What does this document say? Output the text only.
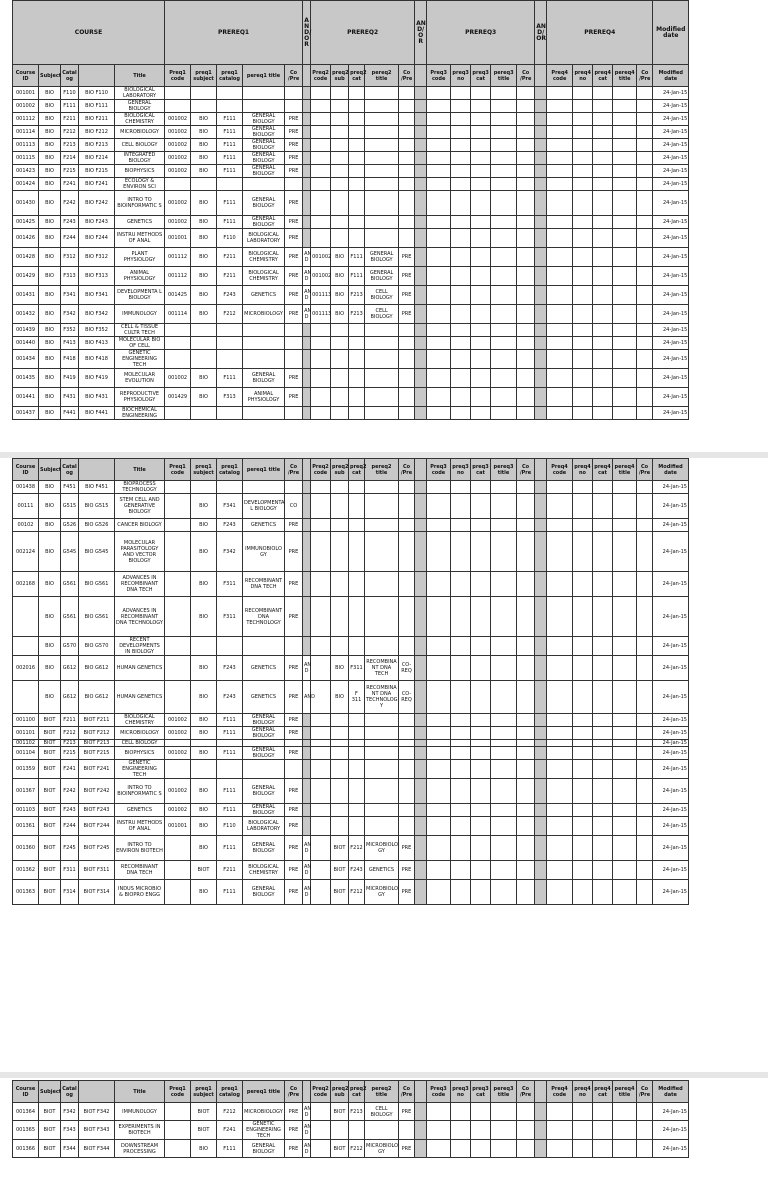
COURSE					PREREQ1					A N D/ O R	PREREQ2					AN D/ O R	PREREQ3					AN D/ OR	PREREQ4					Modified date
Course ID	Subject	Catal og		Title	Preq1 code	preq1 subject	preq1 catalog	pereq1 title	Co /Pre		Preq2 code	preq2 sub	preq2 cat	pereq2 title	Co /Pre		Preq3 code	preq3 no	preq3 cat	pereq3 title	Co /Pre		Preq4 code	preq4 no	preq4 cat	pereq4 title	Co /Pre	Modified date
001001	BIO	F110	BIO F110	BIOLOGICAL LABORATORY																								24-Jan-15
001002	BIO	F111	BIO F111	GENERAL BIOLOGY																								24-Jan-15
001112	BIO	F211	BIO F211	BIOLOGICAL CHEMISTRY	001002	BIO	F111	GENERAL BIOLOGY	PRE																			24-Jan-15
001114	BIO	F212	BIO F212	MICROBIOLOGY	001002	BIO	F111	GENERAL BIOLOGY	PRE																			24-Jan-15
001113	BIO	F213	BIO F213	CELL BIOLOGY	001002	BIO	F111	GENERAL BIOLOGY	PRE																			24-Jan-15
001115	BIO	F214	BIO F214	INTEGRATED BIOLOGY	001002	BIO	F111	GENERAL BIOLOGY	PRE																			24-Jan-15
001423	BIO	F215	BIO F215	BIOPHYSICS	001002	BIO	F111	GENERAL BIOLOGY	PRE																			24-Jan-15
001424	BIO	F241	BIO F241	ECOLOGY & ENVIRON SCI																								24-Jan-15
001430	BIO	F242	BIO F242	INTRO TO BIOINFORMATIC S	001002	BIO	F111	GENERAL BIOLOGY	PRE																			24-Jan-15
001425	BIO	F243	BIO F243	GENETICS	001002	BIO	F111	GENERAL BIOLOGY	PRE																			24-Jan-15
001426	BIO	F244	BIO F244	INSTRU METHODS OF ANAL	001001	BIO	F110	BIOLOGICAL LABORATORY	PRE																			24-Jan-15
001428	BIO	F312	BIO F312	PLANT PHYSIOLOGY	001112	BIO	F211	BIOLOGICAL CHEMISTRY	PRE	AN D	001002	BIO	F111	GENERAL BIOLOGY	PRE													24-Jan-15
001429	BIO	F313	BIO F313	ANIMAL PHYSIOLOGY	001112	BIO	F211	BIOLOGICAL CHEMISTRY	PRE	AN D	001002	BIO	F111	GENERAL BIOLOGY	PRE													24-Jan-15
001431	BIO	F341	BIO F341	DEVELOPMENTA L BIOLOGY	001425	BIO	F243	GENETICS	PRE	AN D	001113	BIO	F213	CELL BIOLOGY	PRE													24-Jan-15
001432	BIO	F342	BIO F342	IMMUNOLOGY	001114	BIO	F212	MICROBIOLOGY	PRE	AN D	001113	BIO	F213	CELL BIOLOGY	PRE													24-Jan-15
001439	BIO	F352	BIO F352	CELL & TISSUE CULTR TECH																								24-Jan-15
001440	BIO	F413	BIO F413	MOLECULAR BIO OF CELL																								24-Jan-15
001434	BIO	F418	BIO F418	GENETIC ENGINEERING TECH																								24-Jan-15
001435	BIO	F419	BIO F419	MOLECULAR EVOLUTION	001002	BIO	F111	GENERAL BIOLOGY	PRE																			24-Jan-15
001441	BIO	F431	BIO F431	REPRODUCTIVE PHYSIOLOGY	001429	BIO	F313	ANIMAL PHYSIOLOGY	PRE																			24-Jan-15
001437	BIO	F441	BIO F441	BIOCHEMICAL ENGINEERING																								24-Jan-15
Course ID	Subject	Catal og		Title	Preq1 code	preq1 subject	preq1 catalog	pereq1 title	Co /Pre		Preq2 code	preq2 sub	preq2 cat	pereq2 title	Co /Pre		Preq3 code	preq3 no	preq3 cat	pereq3 title	Co /Pre		Preq4 code	preq4 no	preq4 cat	pereq4 title	Co /Pre	Modified date
001438	BIO	F451	BIO F451	BIOPROCESS TECHNOLOGY																								24-Jan-15
00111	BIO	G515	BIO G515	STEM CELL AND GENERATIVE BIOLOGY		BIO	F341	DEVELOPMENTA L BIOLOGY	CO																			24-Jan-15
00102	BIO	G526	BIO G526	CANCER BIOLOGY		BIO	F243	GENETICS	PRE																			24-Jan-15
002124	BIO	G545	BIO G545	MOLECULAR PARASITOLOGY AND VECTOR BIOLOGY		BIO	F342	IMMUNOBIOLO GY	PRE																			24-Jan-15
002168	BIO	G561	BIO G561	ADVANCES IN RECOMBINANT DNA TECH		BIO	F311	RECOMBINANT DNA TECH	PRE																			24-Jan-15
	BIO	G561	BIO G561	ADVANCES IN RECOMBINANT DNA TECHNOLOGY		BIO	F311	RECOMBINANT DNA TECHNOLOGY	PRE																			24-Jan-15
	BIO	G570	BIO G570	RECENT DEVELOPMENTS IN BIOLOGY																								24-Jan-15
002016	BIO	G612	BIO G612	HUMAN GENETICS		BIO	F243	GENETICS	PRE	AN D		BIO	F311	RECOMBINA NT DNA TECH	CO-REQ													24-Jan-15
	BIO	G612	BIO G612	HUMAN GENETICS		BIO	F243	GENETICS	PRE	AND		BIO	F 311	RECOMBINA NT DNA TECHNOLOG Y	CO-REQ													24-Jan-15
001100	BIOT	F211	BIOT F211	BIOLOGICAL CHEMISTRY	001002	BIO	F111	GENERAL BIOLOGY	PRE																			24-Jan-15
001101	BIOT	F212	BIOT F212	MICROBIOLOGY	001002	BIO	F111	GENERAL BIOLOGY	PRE																			24-Jan-15
001102	BIOT	F213	BIOT F213	CELL BIOLOGY																								24-Jan-15
001104	BIOT	F215	BIOT F215	BIOPHYSICS	001002	BIO	F111	GENERAL BIOLOGY	PRE																			24-Jan-15
001359	BIOT	F241	BIOT F241	GENETIC ENGINEERING TECH																								24-Jan-15
001367	BIOT	F242	BIOT F242	INTRO TO BIOINFORMATIC S	001002	BIO	F111	GENERAL BIOLOGY	PRE																			24-Jan-15
001103	BIOT	F243	BIOT F243	GENETICS	001002	BIO	F111	GENERAL BIOLOGY	PRE																			24-Jan-15
001361	BIOT	F244	BIOT F244	INSTRU METHODS OF ANAL	001001	BIO	F110	BIOLOGICAL LABORATORY	PRE																			24-Jan-15
001360	BIOT	F245	BIOT F245	INTRO TO ENVIRON BIOTECH		BIO	F111	GENERAL BIOLOGY	PRE	AN D		BIOT	F212	MICROBIOLO GY	PRE													24-Jan-15
001362	BIOT	F311	BIOT F311	RECOMBINANT DNA TECH		BIOT	F211	BIOLOGICAL CHEMISTRY	PRE	AN D		BIOT	F243	GENETICS	PRE													24-Jan-15
001363	BIOT	F314	BIOT F314	INDUS MICROBIO & BIOPRO ENGG		BIO	F111	GENERAL BIOLOGY	PRE	AN D		BIOT	F212	MICROBIOLO GY	PRE													24-Jan-15
Course ID	Subject	Catal og		Title	Preq1 code	preq1 subject	preq1 catalog	pereq1 title	Co /Pre		Preq2 code	preq2 sub	preq2 cat	pereq2 title	Co /Pre		Preq3 code	preq3 no	preq3 cat	pereq3 title	Co /Pre		Preq4 code	preq4 no	preq4 cat	pereq4 title	Co /Pre	Modified date
001364	BIOT	F342	BIOT F342	IMMUNOLOGY		BIOT	F212	MICROBIOLOGY	PRE	AN D		BIOT	F213	CELL BIOLOGY	PRE													24-Jan-15
001365	BIOT	F343	BIOT F343	EXPERIMENTS IN BIOTECH		BIOT	F241	GENETIC ENGINEERING TECH	PRE	AN D																		24-Jan-15
001366	BIOT	F344	BIOT F344	DOWNSTREAM PROCESSING		BIO	F111	GENERAL BIOLOGY	PRE	AN D		BIOT	F212	MICROBIOLO GY	PRE													24-Jan-15
